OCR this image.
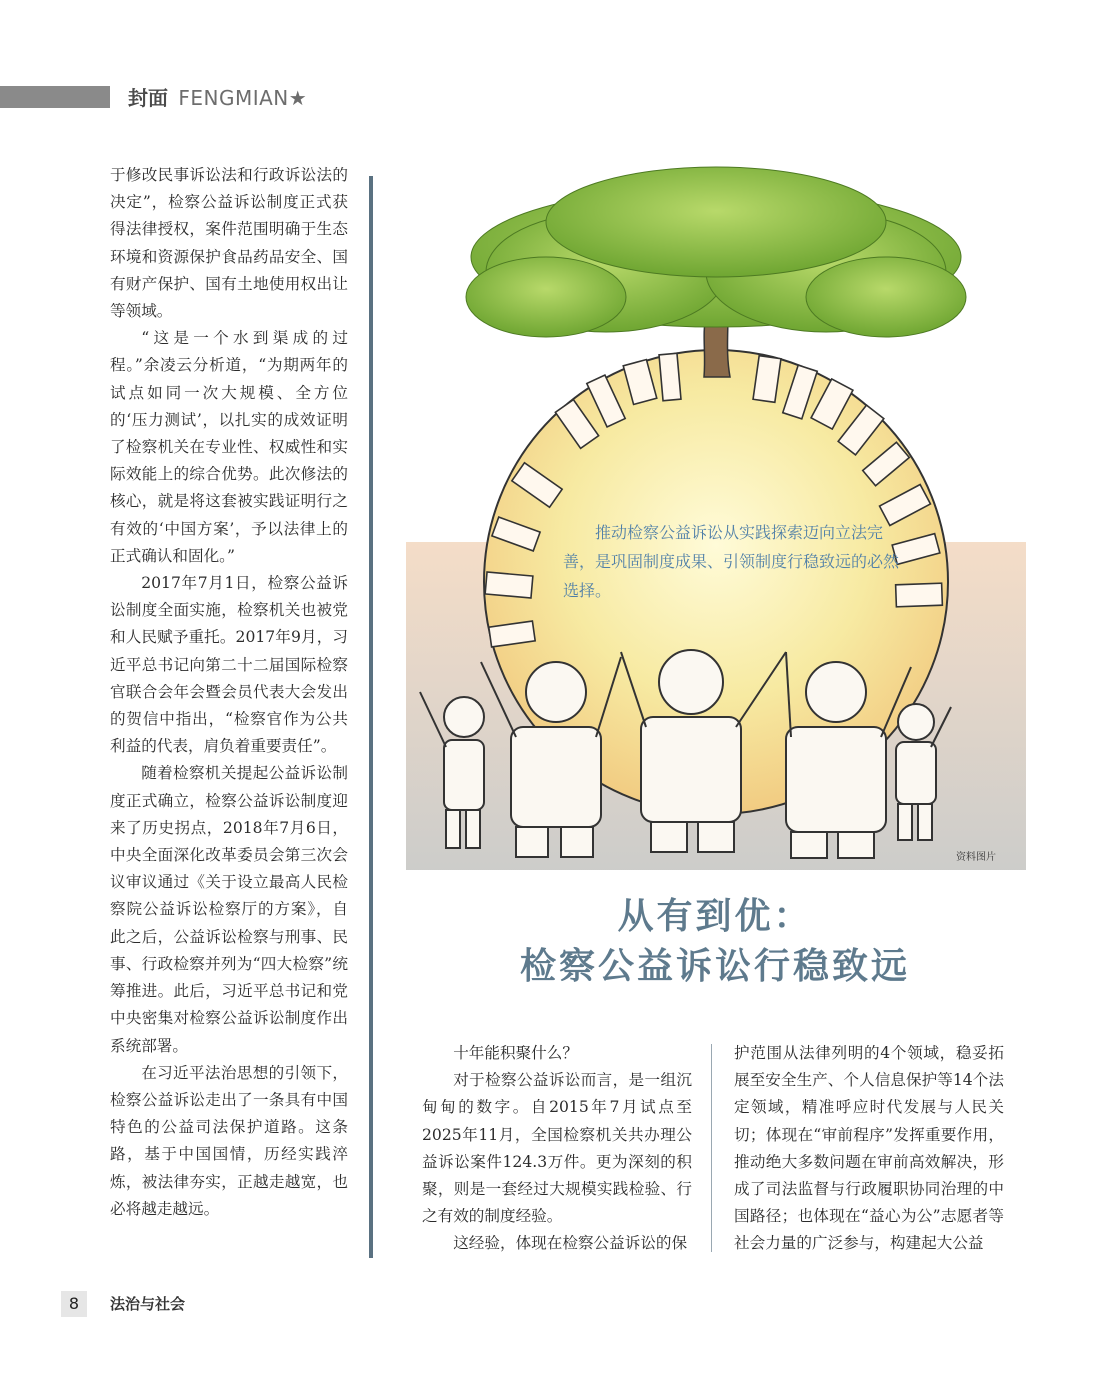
封面 FENGMIAN★

于修改民事诉讼法和行政诉讼法的决定”，检察公益诉讼制度正式获得法律授权，案件范围明确于生态环境和资源保护食品药品安全、国有财产保护、国有土地使用权出让等领域。

“这是一个水到渠成的过程。”余凌云分析道，“为期两年的试点如同一次大规模、全方位的‘压力测试’，以扎实的成效证明了检察机关在专业性、权威性和实际效能上的综合优势。此次修法的核心，就是将这套被实践证明行之有效的‘中国方案’，予以法律上的正式确认和固化。”

2017年7月1日，检察公益诉讼制度全面实施，检察机关也被党和人民赋予重托。2017年9月，习近平总书记向第二十二届国际检察官联合会年会暨会员代表大会发出的贺信中指出，“检察官作为公共利益的代表，肩负着重要责任”。

随着检察机关提起公益诉讼制度正式确立，检察公益诉讼制度迎来了历史拐点，2018年7月6日，中央全面深化改革委员会第三次会议审议通过《关于设立最高人民检察院公益诉讼检察厅的方案》，自此之后，公益诉讼检察与刑事、民事、行政检察并列为“四大检察”统筹推进。此后，习近平总书记和党中央密集对检察公益诉讼制度作出系统部署。

在习近平法治思想的引领下，检察公益诉讼走出了一条具有中国特色的公益司法保护道路。这条路，基于中国国情，历经实践淬炼，被法律夯实，正越走越宽，也必将越走越远。

推动检察公益诉讼从实践探索迈向立法完善，是巩固制度成果、引领制度行稳致远的必然选择。

资料图片
从有到优：
检察公益诉讼行稳致远

十年能积聚什么？

对于检察公益诉讼而言，是一组沉甸甸的数字。自2015年7月试点至2025年11月，全国检察机关共办理公益诉讼案件124.3万件。更为深刻的积聚，则是一套经过大规模实践检验、行之有效的制度经验。

这经验，体现在检察公益诉讼的保

护范围从法律列明的4个领域，稳妥拓展至安全生产、个人信息保护等14个法定领域，精准呼应时代发展与人民关切；体现在“审前程序”发挥重要作用，推动绝大多数问题在审前高效解决，形成了司法监督与行政履职协同治理的中国路径；也体现在“益心为公”志愿者等社会力量的广泛参与，构建起大公益

8	法治与社会
